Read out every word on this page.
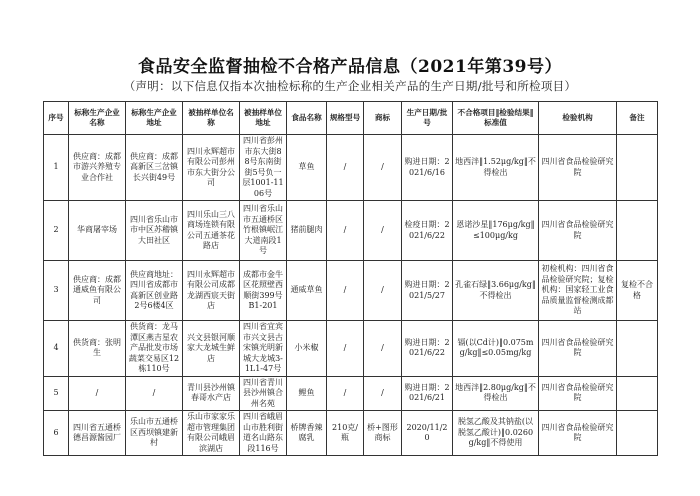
食品安全监督抽检不合格产品信息（2021年第39号）
（声明：以下信息仅指本次抽检标称的生产企业相关产品的生产日期/批号和所检项目）
序号	标称生产企业名称	标称生产企业地址	被抽样单位名称	被抽样单位地址	食品名称	规格型号	商标	生产日期/批号	不合格项目‖检验结果‖标准值	检验机构	备注
1	供应商：成都市游兴养殖专业合作社	供应商：成都高新区三岔镇长兴街49号	四川永辉超市有限公司彭州市东大街分公司	四川省彭州市东大街88号东南街街5号负一层1001-1106号	草鱼	/	/	购进日期：2021/6/16	地西泮‖1.52μg/kg‖不得检出	四川省食品检验研究院	
2	华商屠宰场	四川省乐山市市中区苏稽镇大田社区	四川乐山三八商场连锁有限公司五通茶花路店	四川省乐山市五通桥区竹根镇岷江大道南段1号	猪前腿肉	/	/	检疫日期：2021/6/22	恩诺沙星‖176μg/kg‖≤100μg/kg	四川省食品检验研究院	
3	供应商：成都通威鱼有限公司	供应商地址：四川省成都市高新区创业路2号6楼4区	四川永辉超市有限公司成都龙湖西宸天街店	成都市金牛区花照壁西顺街399号B1-201	通威草鱼	/	/	购进日期：2021/5/27	孔雀石绿‖3.66μg/kg‖不得检出	初检机构：四川省食品检验研究院；复检机构：国家轻工业食品质量监督检测成都站	复检不合格
4	供货商：张明生	供货商：龙马潭区燕吉星农产品批发市场蔬菜交易区12栋110号	兴文县银河顺家大龙城生鲜店	四川省宜宾市兴文县古宋镇光明新城大龙城3-1L1-47号	小米椒	/	/	购进日期：2021/6/22	镉(以Cd计)‖0.075mg/kg‖≤0.05mg/kg	四川省食品检验研究院	
5	/	/	青川县沙州镇春哥水产店	四川省青川县沙州镇合州名苑	鲤鱼	/	/	购进日期：2021/6/21	地西泮‖2.80μg/kg‖不得检出	四川省食品检验研究院	
6	四川省五通桥德昌源酱园厂	乐山市五通桥区西坝镇建新村	乐山市家家乐超市管理集团有限公司峨眉滨湖店	四川省峨眉山市胜利街道名山路东段116号	桥牌香辣腐乳	210克/瓶	桥+图形商标	2020/11/20	脱氢乙酸及其钠盐(以脱氢乙酸计)‖0.0260g/kg‖不得使用	四川省食品检验研究院	
